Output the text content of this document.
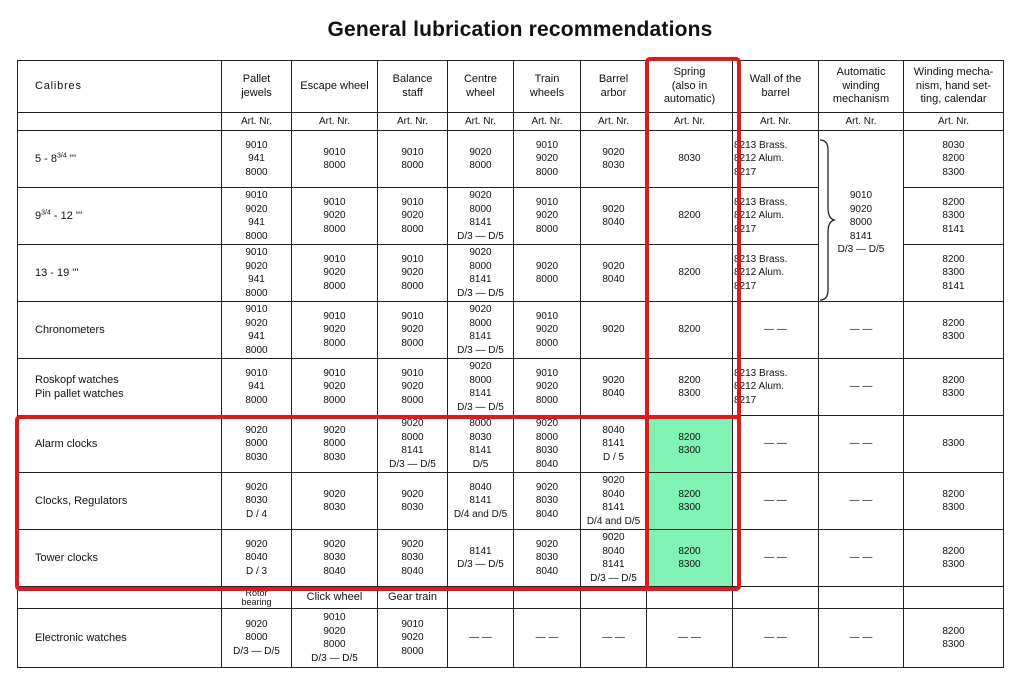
General lubrication recommendations
Calibres	Pallet
jewels	Escape wheel	Balance
staff	Centre
wheel	Train
wheels	Barrel
arbor	Spring
(also in
automatic)	Wall of the
barrel	Automatic
winding
mechanism	Winding mecha-
nism, hand set-
ting, calendar
	Art. Nr.	Art. Nr.	Art. Nr.	Art. Nr.	Art. Nr.	Art. Nr.	Art. Nr.	Art. Nr.	Art. Nr.	Art. Nr.
$5 - 8^{3/4}$ '''	9010
941
8000	9010
8000	9010
8000	9020
8000	9010
9020
8000	9020
8030	8030	8213 Brass.
8212 Alum.
8217	9010
9020
8000
8141
D/3 — D/5	8030
8200
8300
$9^{3/4} - 12$ '''	9010
9020
941
8000	9010
9020
8000	9010
9020
8000	9020
8000
8141
D/3 — D/5	9010
9020
8000	9020
8040	8200	8213 Brass.
8212 Alum.
8217		8200
8300
8141
13 - 19 '''	9010
9020
941
8000	9010
9020
8000	9010
9020
8000	9020
8000
8141
D/3 — D/5	9020
8000	9020
8040	8200	8213 Brass.
8212 Alum.
8217		8200
8300
8141
Chronometers	9010
9020
941
8000	9010
9020
8000	9010
9020
8000	9020
8000
8141
D/3 — D/5	9010
9020
8000	9020	8200	— —	— —	8200
8300
Roskopf watches
Pin pallet watches	9010
941
8000	9010
9020
8000	9010
9020
8000	9020
8000
8141
D/3 — D/5	9010
9020
8000	9020
8040	8200
8300	8213 Brass.
8212 Alum.
8217	— —	8200
8300
Alarm clocks	9020
8000
8030	9020
8000
8030	9020
8000
8141
D/3 — D/5	8000
8030
8141
D/5	9020
8000
8030
8040	8040
8141
D / 5	8200
8300	— —	— —	8300
Clocks, Regulators	9020
8030
D / 4	9020
8030	9020
8030	8040
8141
D/4 and D/5	9020
8030
8040	9020
8040
8141
D/4 and D/5	8200
8300	— —	— —	8200
8300
Tower clocks	9020
8040
D / 3	9020
8030
8040	9020
8030
8040	8141
D/3 — D/5	9020
8030
8040	9020
8040
8141
D/3 — D/5	8200
8300	— —	— —	8200
8300
	Rotor
bearing	Click wheel	Gear train							
Electronic watches	9020
8000
D/3 — D/5	9010
9020
8000
D/3 — D/5	9010
9020
8000	— —	— —	— —	— —	— —	— —	8200
8300
